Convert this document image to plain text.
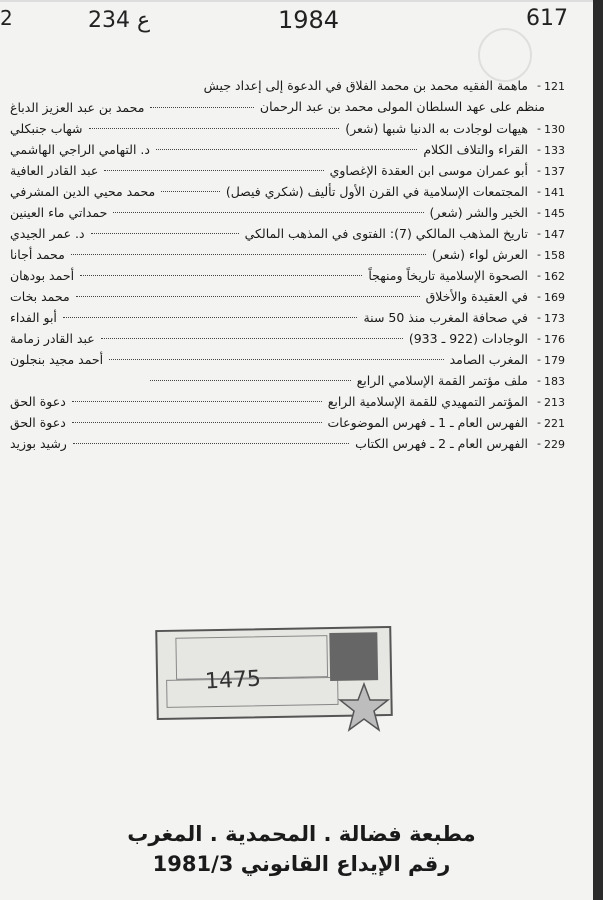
2	234 ع	1984	617
121
-
ماهمة الفقيه محمد بن محمد الفلاق في الدعوة إلى إعداد جيش
منظم على عهد السلطان المولى محمد بن عبد الرحمان
محمد بن عبد العزيز الدباغ
130
-
هيهات لوجادت به الدنيا شبها (شعر)
شهاب جنبكلي
133
-
القراء والتلاف الكلام
د. التهامي الراجي الهاشمي
137
-
أبو عمران موسى ابن العقدة الإغصاوي
عبد القادر العافية
141
-
المجتمعات الإسلامية في القرن الأول تأليف (شكري فيصل)
محمد محيي الدين المشرفي
145
-
الخير والشر (شعر)
حمداتي ماء العينين
147
-
تاريخ المذهب المالكي (7): الفتوى في المذهب المالكي
د. عمر الجيدي
158
-
العرش لواء (شعر)
محمد أجانا
162
-
الصحوة الإسلامية تاريخاً ومنهجاً
أحمد بودهان
169
-
في العقيدة والأخلاق
محمد بخات
173
-
في صحافة المغرب منذ 50 سنة
أبو الفداء
176
-
الوجادات (922 ـ 933)
عبد القادر زمامة
179
-
المغرب الصامد
أحمد مجيد بنجلون
183
-
ملف مؤتمر القمة الإسلامي الرابع
213
-
المؤتمر التمهيدي للقمة الإسلامية الرابع
دعوة الحق
221
-
الفهرس العام ـ 1 ـ فهرس الموضوعات
دعوة الحق
229
-
الفهرس العام ـ 2 ـ فهرس الكتاب
رشيد بوزيد
1475
مطبعة فضالة . المحمدية . المغرب
رقم الإيداع القانوني 1981/3
